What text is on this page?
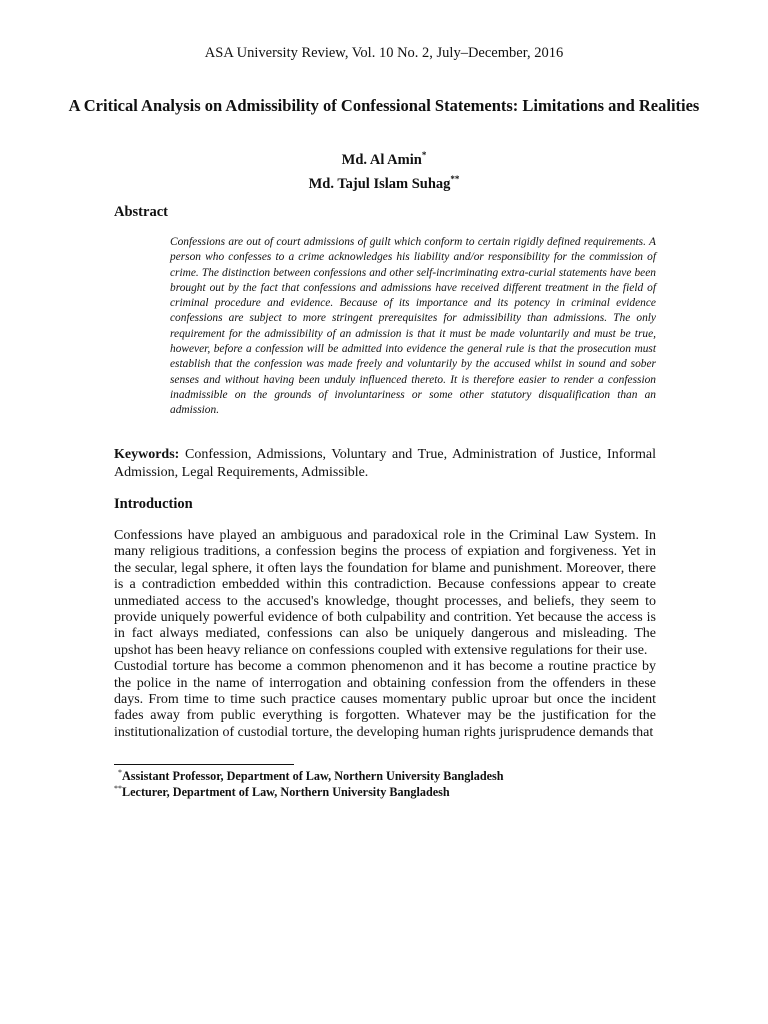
ASA University Review, Vol. 10 No. 2, July–December, 2016
A Critical Analysis on Admissibility of Confessional Statements: Limitations and Realities
Md. Al Amin*
Md. Tajul Islam Suhag**
Abstract
Confessions are out of court admissions of guilt which conform to certain rigidly defined requirements. A person who confesses to a crime acknowledges his liability and/or responsibility for the commission of crime. The distinction between confessions and other self-incriminating extra-curial statements have been brought out by the fact that confessions and admissions have received different treatment in the field of criminal procedure and evidence. Because of its importance and its potency in criminal evidence confessions are subject to more stringent prerequisites for admissibility than admissions. The only requirement for the admissibility of an admission is that it must be made voluntarily and must be true, however, before a confession will be admitted into evidence the general rule is that the prosecution must establish that the confession was made freely and voluntarily by the accused whilst in sound and sober senses and without having been unduly influenced thereto. It is therefore easier to render a confession inadmissible on the grounds of involuntariness or some other statutory disqualification than an admission.
Keywords: Confession, Admissions, Voluntary and True, Administration of Justice, Informal Admission, Legal Requirements, Admissible.
Introduction

Confessions have played an ambiguous and paradoxical role in the Criminal Law System. In many religious traditions, a confession begins the process of expiation and forgiveness. Yet in the secular, legal sphere, it often lays the foundation for blame and punishment. Moreover, there is a contradiction embedded within this contradiction. Because confessions appear to create unmediated access to the accused's knowledge, thought processes, and beliefs, they seem to provide uniquely powerful evidence of both culpability and contrition. Yet because the access is in fact always mediated, confessions can also be uniquely dangerous and misleading. The upshot has been heavy reliance on confessions coupled with extensive regulations for their use.

Custodial torture has become a common phenomenon and it has become a routine practice by the police in the name of interrogation and obtaining confession from the offenders in these days. From time to time such practice causes momentary public uproar but once the incident fades away from public everything is forgotten. Whatever may be the justification for the institutionalization of custodial torture, the developing human rights jurisprudence demands that

*Assistant Professor, Department of Law, Northern University Bangladesh
**Lecturer, Department of Law, Northern University Bangladesh
